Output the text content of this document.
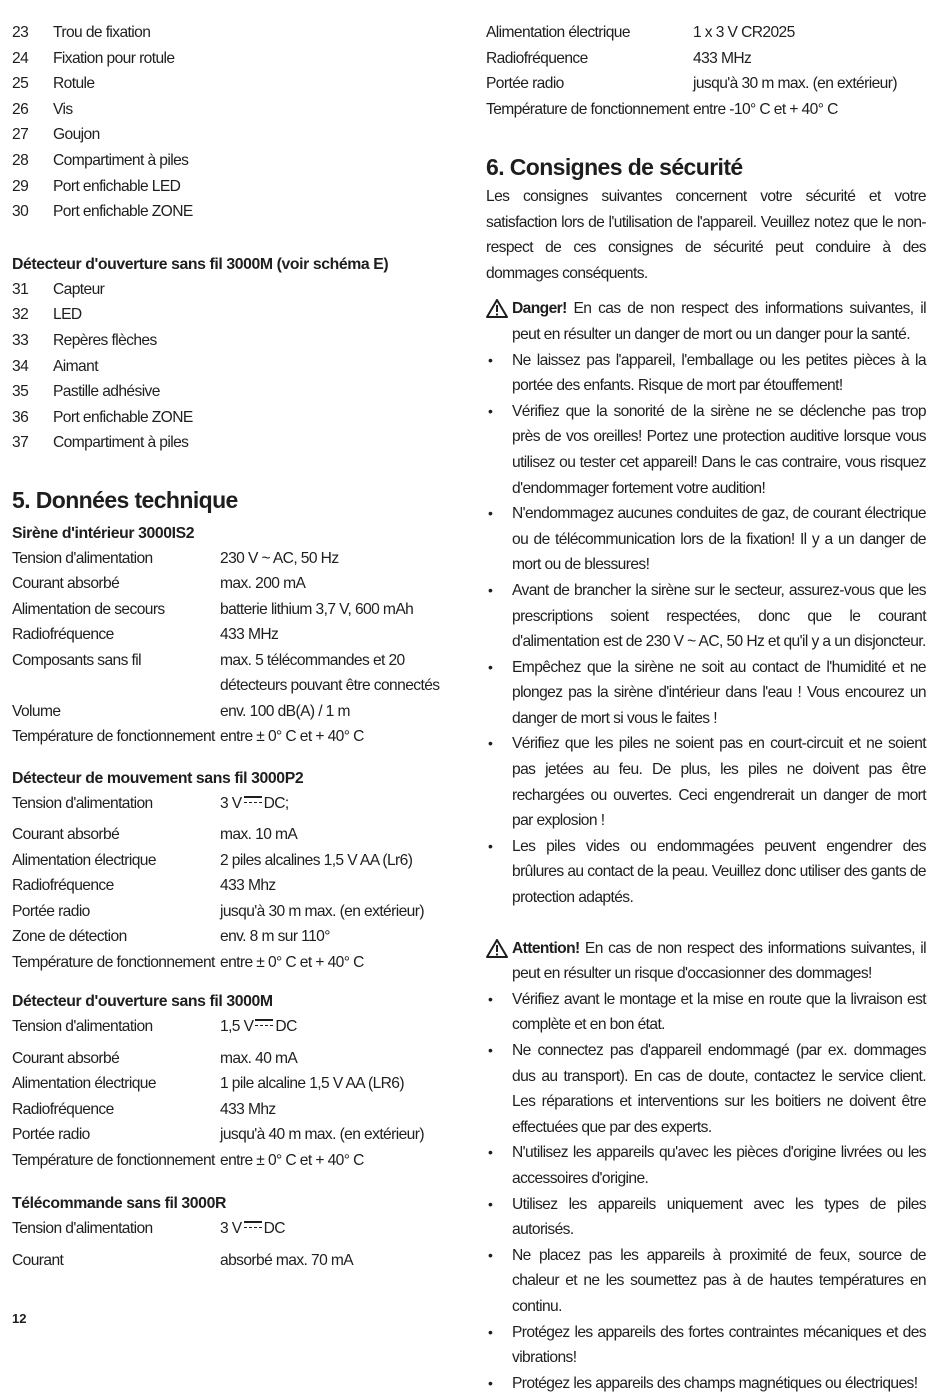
23	Trou de fixation
24	Fixation pour rotule
25	Rotule
26	Vis
27	Goujon
28	Compartiment à piles
29	Port enfichable LED
30	Port enfichable ZONE
Détecteur d'ouverture sans fil 3000M (voir schéma E)
31	Capteur
32	LED
33	Repères flèches
34	Aimant
35	Pastille adhésive
36	Port enfichable ZONE
37	Compartiment à piles
5. Données technique
Sirène d'intérieur 3000IS2
Tension d'alimentation	230 V ~ AC, 50 Hz
Courant absorbé	max. 200 mA
Alimentation de secours	batterie lithium 3,7 V, 600 mAh
Radiofréquence	433 MHz
Composants sans fil	max. 5 télécommandes et 20 détecteurs pouvant être connectés
Volume	env. 100 dB(A) / 1 m
Température de fonctionnement entre ± 0° C et + 40° C
Détecteur de mouvement sans fil 3000P2
Tension d'alimentation	3 V DC;
Courant absorbé	max. 10 mA
Alimentation électrique	2 piles alcalines 1,5 V AA (Lr6)
Radiofréquence	433 Mhz
Portée radio	jusqu'à 30 m max. (en extérieur)
Zone de détection	env. 8 m sur 110°
Température de fonctionnement entre ± 0° C et + 40° C
Détecteur d'ouverture sans fil 3000M
Tension d'alimentation	1,5 V DC
Courant absorbé	max. 40 mA
Alimentation électrique	1 pile alcaline 1,5 V AA (LR6)
Radiofréquence	433 Mhz
Portée radio	jusqu'à 40 m max. (en extérieur)
Température de fonctionnement entre ± 0° C et + 40° C
Télécommande sans fil 3000R
Tension d'alimentation	3 V DC
Courant	absorbé max. 70 mA
Alimentation électrique	1 x 3 V CR2025
Radiofréquence	433 MHz
Portée radio	jusqu'à 30 m max. (en extérieur)
Température de fonctionnement entre -10° C et + 40° C
6. Consignes de sécurité
Les consignes suivantes concernent votre sécurité et votre satisfaction lors de l'utilisation de l'appareil. Veuillez notez que le non-respect de ces consignes de sécurité peut conduire à des dommages conséquents.
Danger! En cas de non respect des informations suivantes, il peut en résulter un danger de mort ou un danger pour la santé.
•	Ne laissez pas l'appareil, l'emballage ou les petites pièces à la portée des enfants. Risque de mort par étouffement!
•	Vérifiez que la sonorité de la sirène ne se déclenche pas trop près de vos oreilles! Portez une protection auditive lorsque vous utilisez ou tester cet appareil! Dans le cas contraire, vous risquez d'endommager fortement votre audition!
•	N'endommagez aucunes conduites de gaz, de courant électrique ou de télécommunication lors de la fixation! Il y a un danger de mort ou de blessures!
•	Avant de brancher la sirène sur le secteur, assurez-vous que les prescriptions soient respectées, donc que le courant d'alimentation est de 230 V ~ AC, 50 Hz et qu'il y a un disjoncteur.
•	Empêchez que la sirène ne soit au contact de l'humidité et ne plongez pas la sirène d'intérieur dans l'eau ! Vous encourez un danger de mort si vous le faites !
•	Vérifiez que les piles ne soient pas en court-circuit et ne soient pas jetées au feu. De plus, les piles ne doivent pas être rechargées ou ouvertes. Ceci engendrerait un danger de mort par explosion !
•	Les piles vides ou endommagées peuvent engendrer des brûlures au contact de la peau. Veuillez donc utiliser des gants de protection adaptés.
Attention! En cas de non respect des informations suivantes, il peut en résulter un risque d'occasionner des dommages!
•	Vérifiez avant le montage et la mise en route que la livraison est complète et en bon état.
•	Ne connectez pas d'appareil endommagé (par ex. dommages dus au transport). En cas de doute, contactez le service client. Les réparations et interventions sur les boitiers ne doivent être effectuées que par des experts.
•	N'utilisez les appareils qu'avec les pièces d'origine livrées ou les accessoires d'origine.
•	Utilisez les appareils uniquement avec les types de piles autorisés.
•	Ne placez pas les appareils à proximité de feux, source de chaleur et ne les soumettez pas à de hautes températures en continu.
•	Protégez les appareils des fortes contraintes mécaniques et des vibrations!
•	Protégez les appareils des champs magnétiques ou électriques!
12
